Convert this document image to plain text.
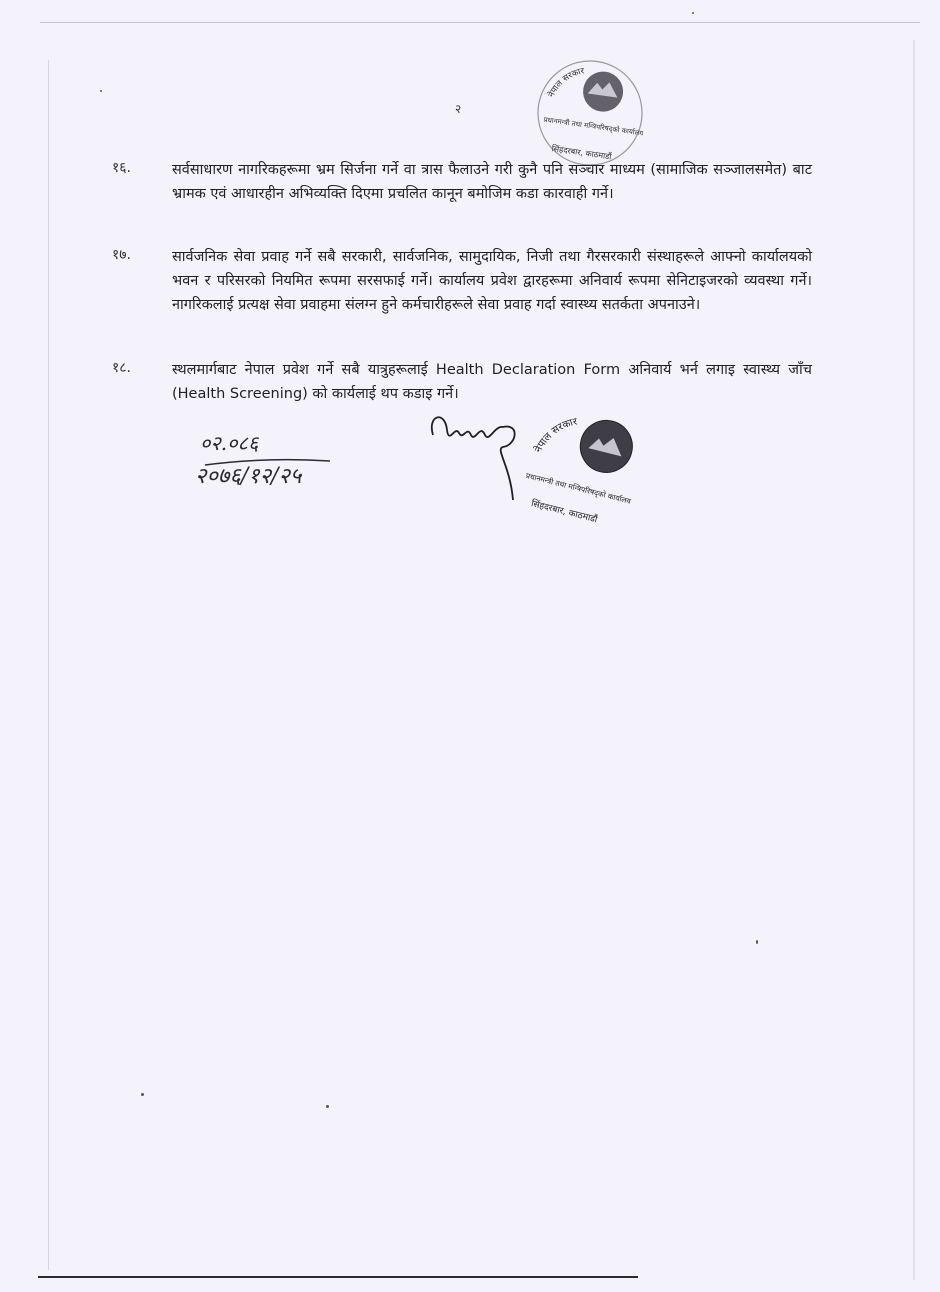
२
नेपाल सरकार
प्रधानमन्त्री तथा मन्त्रिपरिषद्को कार्यालय
सिंहदरबार, काठमाडौं
१६.	सर्वसाधारण नागरिकहरूमा भ्रम सिर्जना गर्ने वा त्रास फैलाउने गरी कुनै पनि सञ्चार माध्यम (सामाजिक सञ्जालसमेत) बाट भ्रामक एवं आधारहीन अभिव्यक्ति दिएमा प्रचलित कानून बमोजिम कडा कारवाही गर्ने।
१७.	सार्वजनिक सेवा प्रवाह गर्ने सबै सरकारी, सार्वजनिक, सामुदायिक, निजी तथा गैरसरकारी संस्थाहरूले आफ्नो कार्यालयको भवन र परिसरको नियमित रूपमा सरसफाई गर्ने। कार्यालय प्रवेश द्वारहरूमा अनिवार्य रूपमा सेनिटाइजरको व्यवस्था गर्ने। नागरिकलाई प्रत्यक्ष सेवा प्रवाहमा संलग्न हुने कर्मचारीहरूले सेवा प्रवाह गर्दा स्वास्थ्य सतर्कता अपनाउने।
१८.	स्थलमार्गबाट नेपाल प्रवेश गर्ने सबै यात्रुहरूलाई Health Declaration Form अनिवार्य भर्न लगाइ स्वास्थ्य जाँच (Health Screening) को कार्यलाई थप कडाइ गर्ने।
०२.०८६
२०७६/१२/२५
नेपाल सरकार
प्रधानमन्त्री तथा मन्त्रिपरिषद्को कार्यालय
सिंहदरबार, काठमाडौं
